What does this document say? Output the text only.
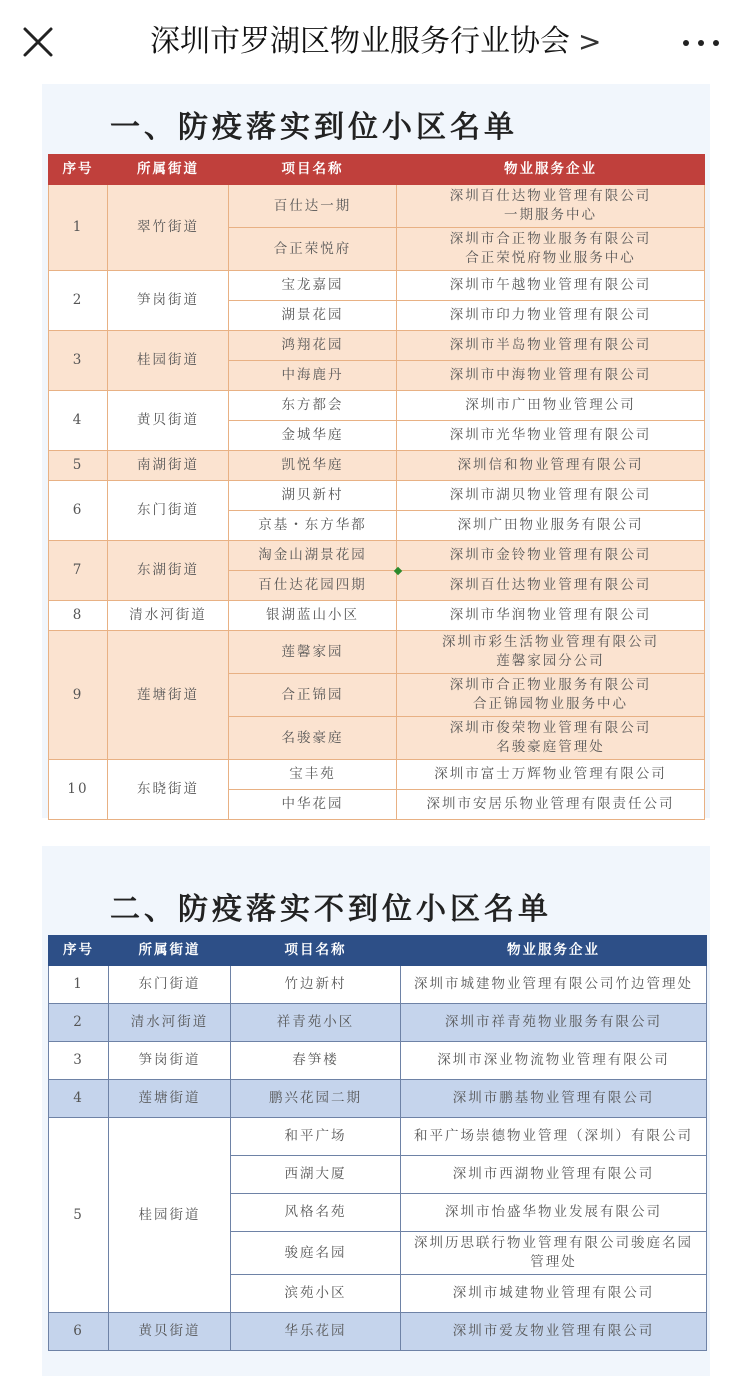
深圳市罗湖区物业服务行业协会 >
一、防疫落实到位小区名单
序号	所属街道	项目名称	物业服务企业
1	翠竹街道	百仕达一期	深圳百仕达物业管理有限公司
一期服务中心
		合正荣悦府	深圳市合正物业服务有限公司
合正荣悦府物业服务中心
2	笋岗街道	宝龙嘉园	深圳市午越物业管理有限公司
		湖景花园	深圳市印力物业管理有限公司
3	桂园街道	鸿翔花园	深圳市半岛物业管理有限公司
		中海鹿丹	深圳市中海物业管理有限公司
4	黄贝街道	东方都会	深圳市广田物业管理公司
		金城华庭	深圳市光华物业管理有限公司
5	南湖街道	凯悦华庭	深圳信和物业管理有限公司
6	东门街道	湖贝新村	深圳市湖贝物业管理有限公司
		京基・东方华都	深圳广田物业服务有限公司
7	东湖街道	淘金山湖景花园	深圳市金铃物业管理有限公司
		百仕达花园四期	深圳百仕达物业管理有限公司
8	清水河街道	银湖蓝山小区	深圳市华润物业管理有限公司
9	莲塘街道	莲馨家园	深圳市彩生活物业管理有限公司
莲馨家园分公司
		合正锦园	深圳市合正物业服务有限公司
合正锦园物业服务中心
		名骏豪庭	深圳市俊荣物业管理有限公司
名骏豪庭管理处
10	东晓街道	宝丰苑	深圳市富士万辉物业管理有限公司
		中华花园	深圳市安居乐物业管理有限责任公司
二、防疫落实不到位小区名单
序号	所属街道	项目名称	物业服务企业
1	东门街道	竹边新村	深圳市城建物业管理有限公司竹边管理处
2	清水河街道	祥青苑小区	深圳市祥青苑物业服务有限公司
3	笋岗街道	春笋楼	深圳市深业物流物业管理有限公司
4	莲塘街道	鹏兴花园二期	深圳市鹏基物业管理有限公司
5	桂园街道	和平广场	和平广场崇德物业管理（深圳）有限公司
		西湖大厦	深圳市西湖物业管理有限公司
		风格名苑	深圳市怡盛华物业发展有限公司
		骏庭名园	深圳历思联行物业管理有限公司骏庭名园
管理处
		滨苑小区	深圳市城建物业管理有限公司
6	黄贝街道	华乐花园	深圳市爱友物业管理有限公司
